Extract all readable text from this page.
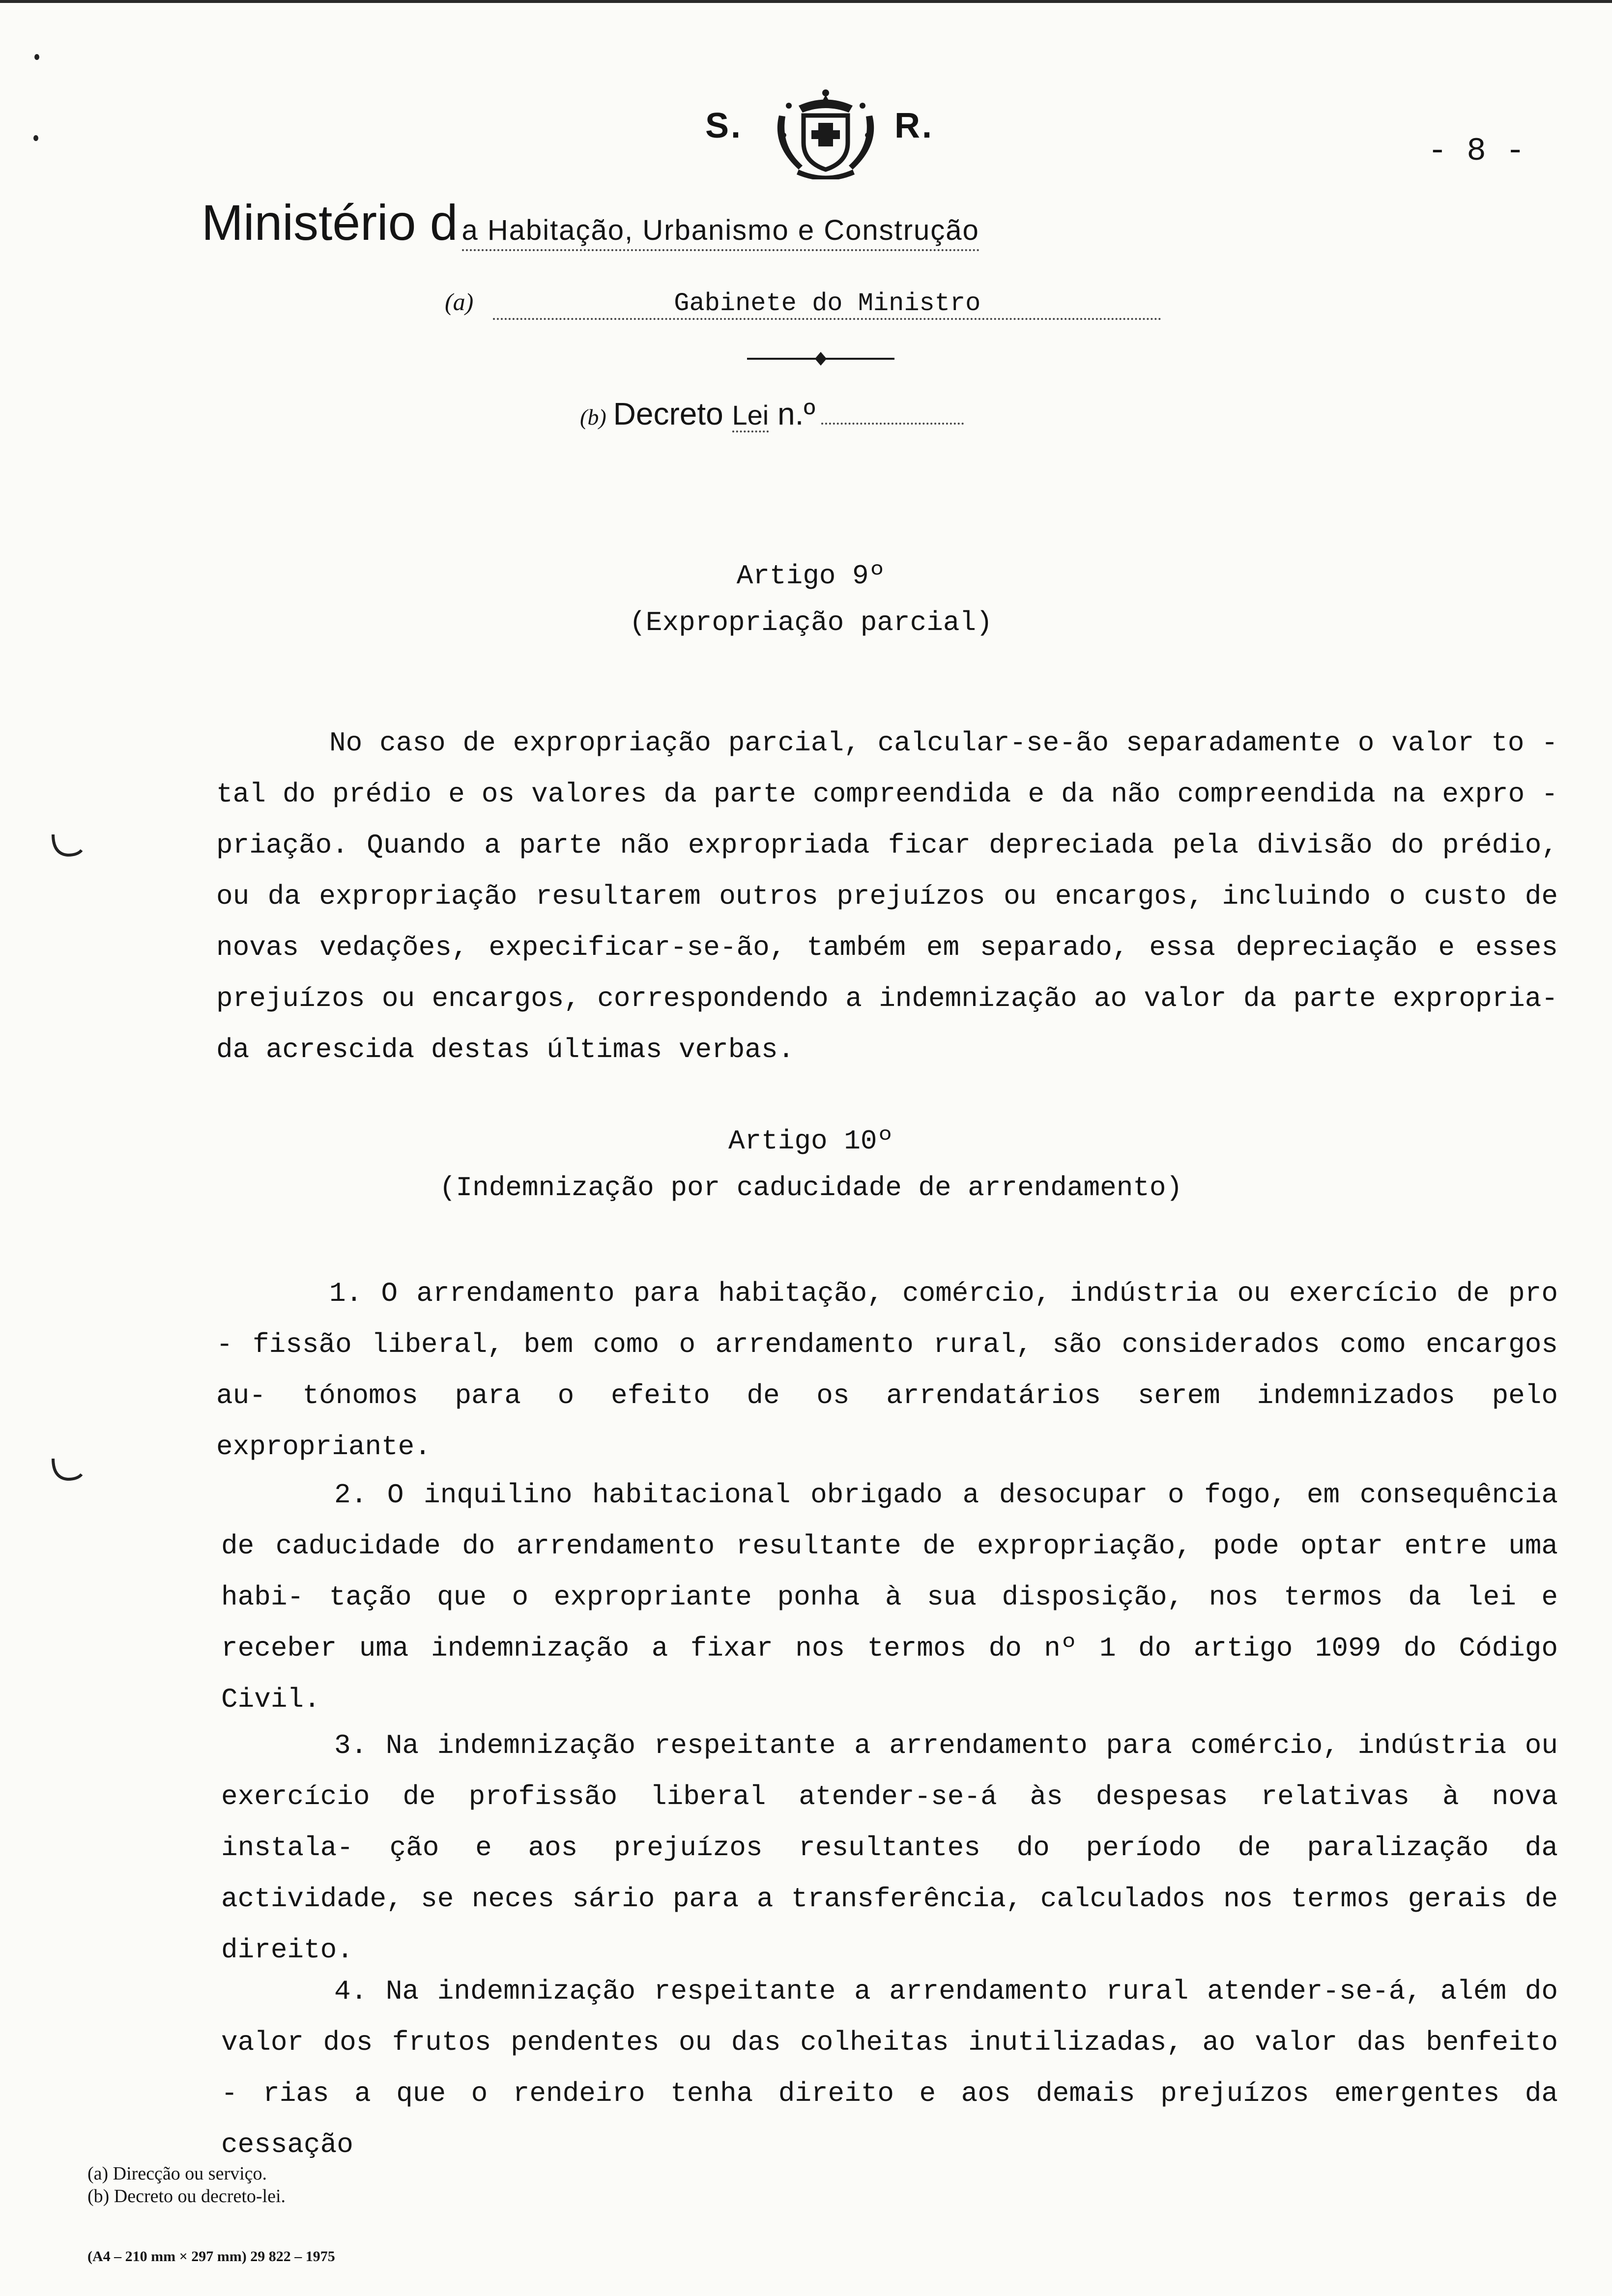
S.	R.
- 8 -
Ministério d a Habitação, Urbanismo e Construção
(a)	Gabinete do Ministro
(b) Decreto Lei n.º
Artigo 9º
(Expropriação parcial)
No caso de expropriação parcial, calcular-se-ão separadamente o valor to - tal do prédio e os valores da parte compreendida e da não compreendida na expro - priação. Quando a parte não expropriada ficar depreciada pela divisão do prédio, ou da expropriação resultarem outros prejuízos ou encargos, incluindo o custo de novas vedações, expecificar-se-ão, também em separado, essa depreciação e esses prejuízos ou encargos, correspondendo a indemnização ao valor da parte expropria- da acrescida destas últimas verbas.
Artigo 10º
(Indemnização por caducidade de arrendamento)
1. O arrendamento para habitação, comércio, indústria ou exercício de pro - fissão liberal, bem como o arrendamento rural, são considerados como encargos au- tónomos para o efeito de os arrendatários serem indemnizados pelo expropriante.
2. O inquilino habitacional obrigado a desocupar o fogo, em consequência de caducidade do arrendamento resultante de expropriação, pode optar entre uma habi- tação que o expropriante ponha à sua disposição, nos termos da lei e receber uma indemnização a fixar nos termos do nº 1 do artigo 1099 do Código Civil.
3. Na indemnização respeitante a arrendamento para comércio, indústria ou exercício de profissão liberal atender-se-á às despesas relativas à nova instala- ção e aos prejuízos resultantes do período de paralização da actividade, se neces sário para a transferência, calculados nos termos gerais de direito.
4. Na indemnização respeitante a arrendamento rural atender-se-á, além do valor dos frutos pendentes ou das colheitas inutilizadas, ao valor das benfeito - rias a que o rendeiro tenha direito e aos demais prejuízos emergentes da cessação
(a) Direcção ou serviço.
(b) Decreto ou decreto-lei.
(A4 – 210 mm × 297 mm) 29 822 – 1975
